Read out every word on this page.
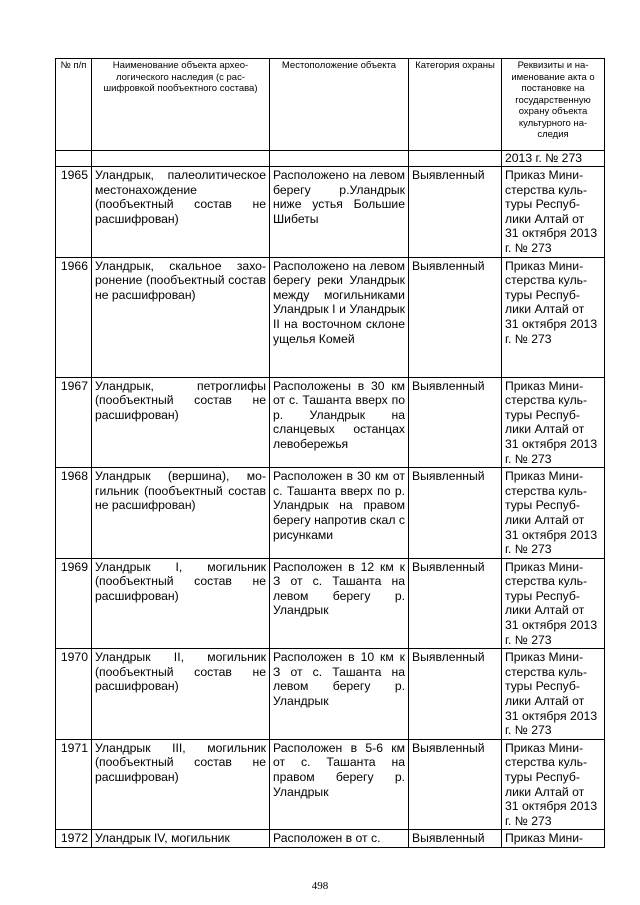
№ п/п	Наименование объекта археологического наследия (с расшифровкой пообъектного состава)	Местоположение объекта	Категория охраны	Реквизиты и наименование акта о постановке на государственную охрану объекта культурного наследия
				2013 г. № 273
1965	Уландрык, палеолитическое местонахождение (пообъектный состав не расшифрован)	Расположено на левом берегу р.Уландрык ниже устья Большие Шибеты	Выявленный	Приказ Министерства культуры Республики Алтай от 31 октября 2013 г. № 273
1966	Уландрык, скальное захоронение (пообъектный состав не расшифрован)	Расположено на левом берегу реки Уландрык между могильниками Уландрык I и Уландрык II на восточном склоне ущелья Комей	Выявленный	Приказ Министерства культуры Республики Алтай от 31 октября 2013 г. № 273
1967	Уландрык, петроглифы (пообъектный состав не расшифрован)	Расположены в 30 км от с. Ташанта вверх по р. Уландрык на сланцевых останцах левобережья	Выявленный	Приказ Министерства культуры Республики Алтай от 31 октября 2013 г. № 273
1968	Уландрык (вершина), могильник (пообъектный состав не расшифрован)	Расположен в 30 км от с. Ташанта вверх по р. Уландрык на правом берегу напротив скал с рисунками	Выявленный	Приказ Министерства культуры Республики Алтай от 31 октября 2013 г. № 273
1969	Уландрык I, могильник (пообъектный состав не расшифрован)	Расположен в 12 км к З от с. Ташанта на левом берегу р. Уландрык	Выявленный	Приказ Министерства культуры Республики Алтай от 31 октября 2013 г. № 273
1970	Уландрык II, могильник (пообъектный состав не расшифрован)	Расположен в 10 км к З от с. Ташанта на левом берегу р. Уландрык	Выявленный	Приказ Министерства культуры Республики Алтай от 31 октября 2013 г. № 273
1971	Уландрык III, могильник (пообъектный состав не расшифрован)	Расположен в 5-6 км от с. Ташанта на правом берегу р. Уландрык	Выявленный	Приказ Министерства культуры Республики Алтай от 31 октября 2013 г. № 273
1972	Уландрык IV, могильник	Расположен в от с.	Выявленный	Приказ Мини-
498
